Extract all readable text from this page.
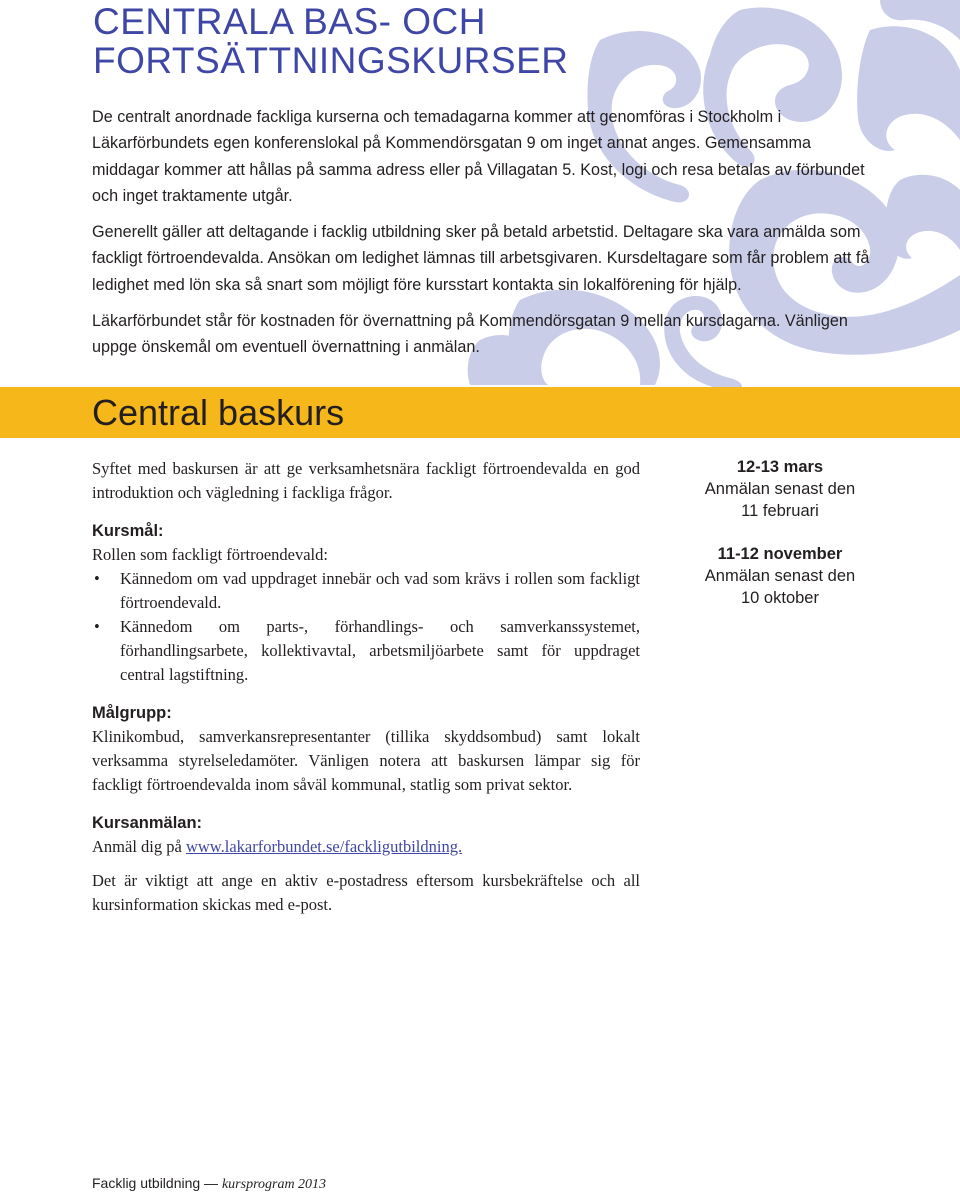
CENTRALA BAS- OCH
FORTSÄTTNINGSKURSER

De centralt anordnade fackliga kurserna och temadagarna kommer att genomföras i Stockholm i Läkarförbundets egen konferenslokal på Kommendörsgatan 9 om inget annat anges. Gemensamma middagar kommer att hållas på samma adress eller på Villagatan 5. Kost, logi och resa betalas av förbundet och inget traktamente utgår.

Generellt gäller att deltagande i facklig utbildning sker på betald arbetstid. Deltagare ska vara anmälda som fackligt förtroendevalda. Ansökan om ledighet lämnas till arbetsgivaren. Kursdeltagare som får problem att få ledighet med lön ska så snart som möjligt före kursstart kontakta sin lokalförening för hjälp.

Läkarförbundet står för kostnaden för övernattning på Kommendörsgatan 9 mellan kursdagarna. Vänligen uppge önskemål om eventuell övernattning i anmälan.

Central baskurs

Syftet med baskursen är att ge verksamhetsnära fackligt förtroendevalda en god introduktion och vägledning i fackliga frågor.

Kursmål:

Rollen som fackligt förtroendevald:

• Kännedom om vad uppdraget innebär och vad som krävs i rollen som fackligt förtroendevald.
• Kännedom om parts-, förhandlings- och samverkanssystemet, förhandlingsarbete, kollektivavtal, arbetsmiljöarbete samt för uppdraget central lagstiftning.
Målgrupp:

Klinikombud, samverkansrepresentanter (tillika skyddsombud) samt lokalt verksamma styrelseledamöter. Vänligen notera att baskursen lämpar sig för fackligt förtroendevalda inom såväl kommunal, statlig som privat sektor.

Kursanmälan:

Anmäl dig på www.lakarforbundet.se/fackligutbildning.

Det är viktigt att ange en aktiv e-postadress eftersom kursbekräftelse och all kursinformation skickas med e-post.

12-13 mars
Anmälan senast den
11 februari
11-12 november
Anmälan senast den
10 oktober
Facklig utbildning — kursprogram 2013
